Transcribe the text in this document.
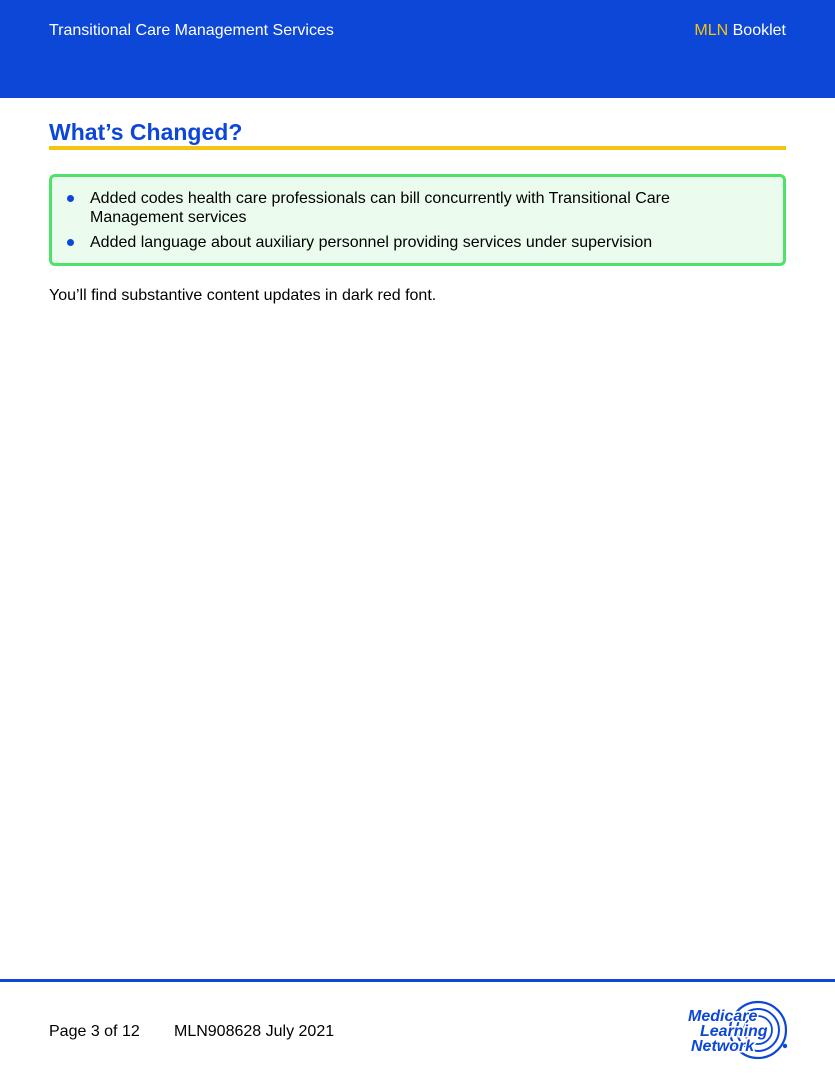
Transitional Care Management Services	MLN Booklet
What’s Changed?
Added codes health care professionals can bill concurrently with Transitional Care Management services
Added language about auxiliary personnel providing services under supervision

You’ll find substantive content updates in dark red font.

Page 3 of 12 MLN908628 July 2021
Medicare
Learning
Network
